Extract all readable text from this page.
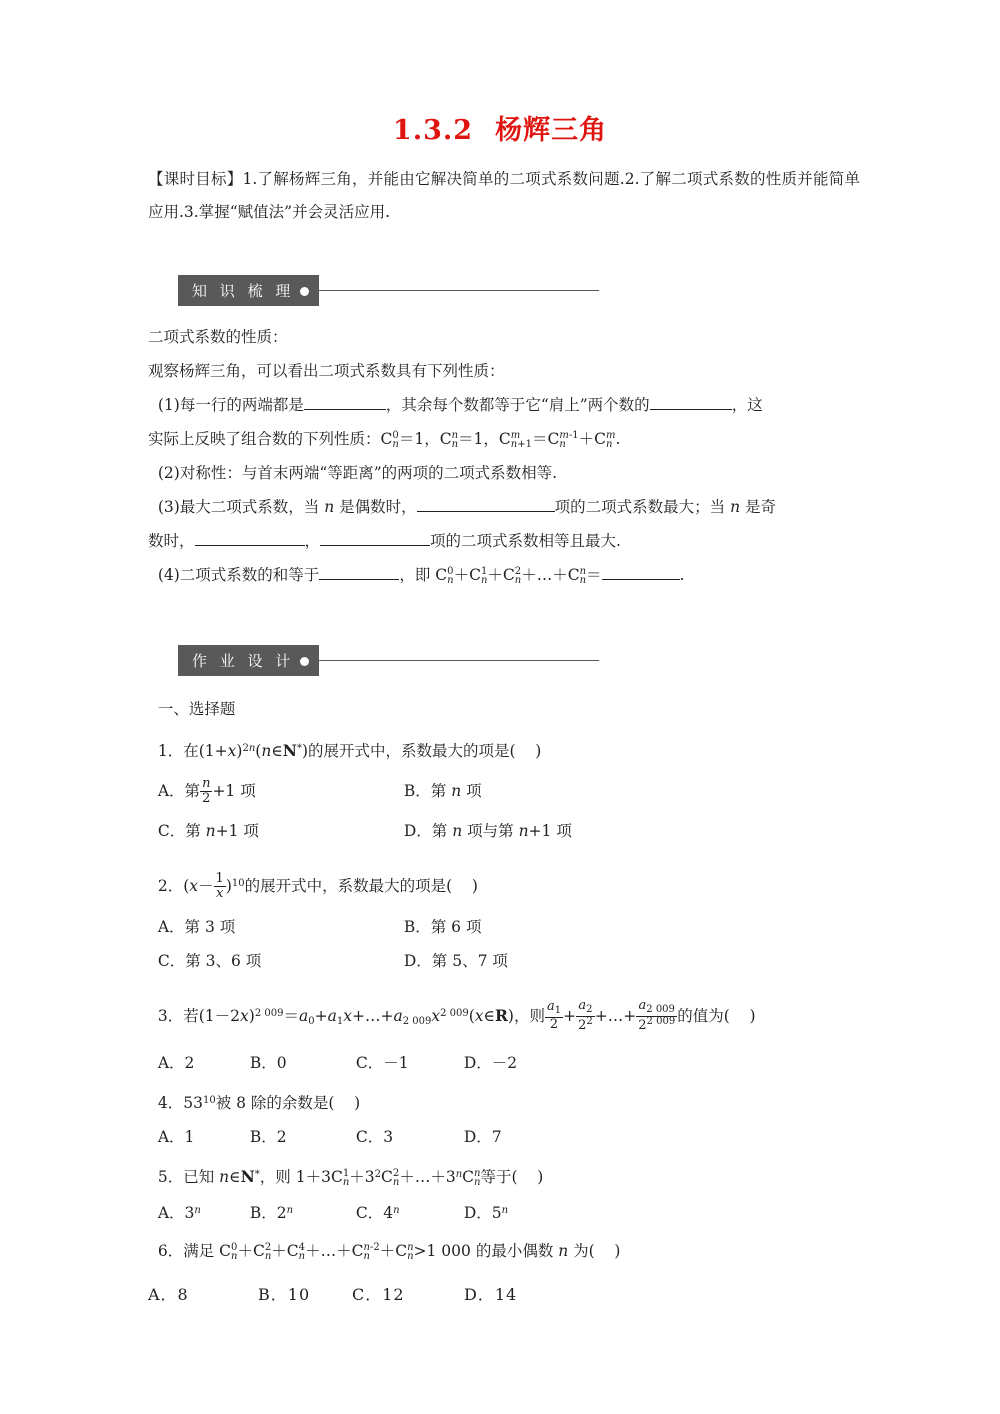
1.3.2 杨辉三角
【课时目标】1.了解杨辉三角，并能由它解决简单的二项式系数问题.2.了解二项式系数的性质并能简单应用.3.掌握“赋值法”并会灵活应用.
知 识 梳 理

二项式系数的性质：

观察杨辉三角，可以看出二项式系数具有下列性质：

(1)每一行的两端都是	，其余每个数都等于它“肩上”两个数的	，这

实际上反映了组合数的下列性质：C 0
n ＝1，C n
n ＝1，C m
n+1 ＝C m-1
n ＋C m
n .

(2)对称性：与首末两端“等距离”的两项的二项式系数相等.

(3)最大二项式系数，当 n 是偶数时，	项的二项式系数最大；当 n 是奇

数时，	，	项的二项式系数相等且最大.

(4)二项式系数的和等于	，即 C 0
n ＋C 1
n ＋C 2
n ＋…＋C n
n ＝	.

作 业 设 计

一、选择题

1．在$(1+x)^{2n}(n\in N^*)$的展开式中，系数最大的项是(    )

A．第 $\frac{n}{2} +1$ 项	B．第 n 项

C．第 n+1 项	D．第 n 项与第 n+1 项

2．$(x- \frac{1}{x} )^{10}$的展开式中，系数最大的项是(    )

A．第 3 项	B．第 6 项

C．第 3、6 项	D．第 5、7 项

3．若$(1-2x)^{2 009}=a_0+a_1x+\dots+a_{2 009}x^{2 009}(x\in R)$，则 $\frac{a_1}{2} + \frac{a_2}{2^2}$ +…+ $\frac{a_{2 009}}{2^{2 009}}$ 的值为(    )

A．2	B．0	C．－1	D．－2

4．$53^{10}$被 8 除的余数是(    )

A．1	B．2	C．3	D．7

5．已知 n∈N*，则 1＋3C 1
$n +3^2C$ 2
$n +\dots+3^nC$ n
n 等于(    )

A．3$^n$	B．2$^n$	C．4$^n$	D．5$^n$

6．满足 C 0
n ＋C 2
n ＋C 4
n ＋…＋C n-2
n ＋C n
n >1 000 的最小偶数 n 为(    )

A．8	B．10	C．12	D．14
